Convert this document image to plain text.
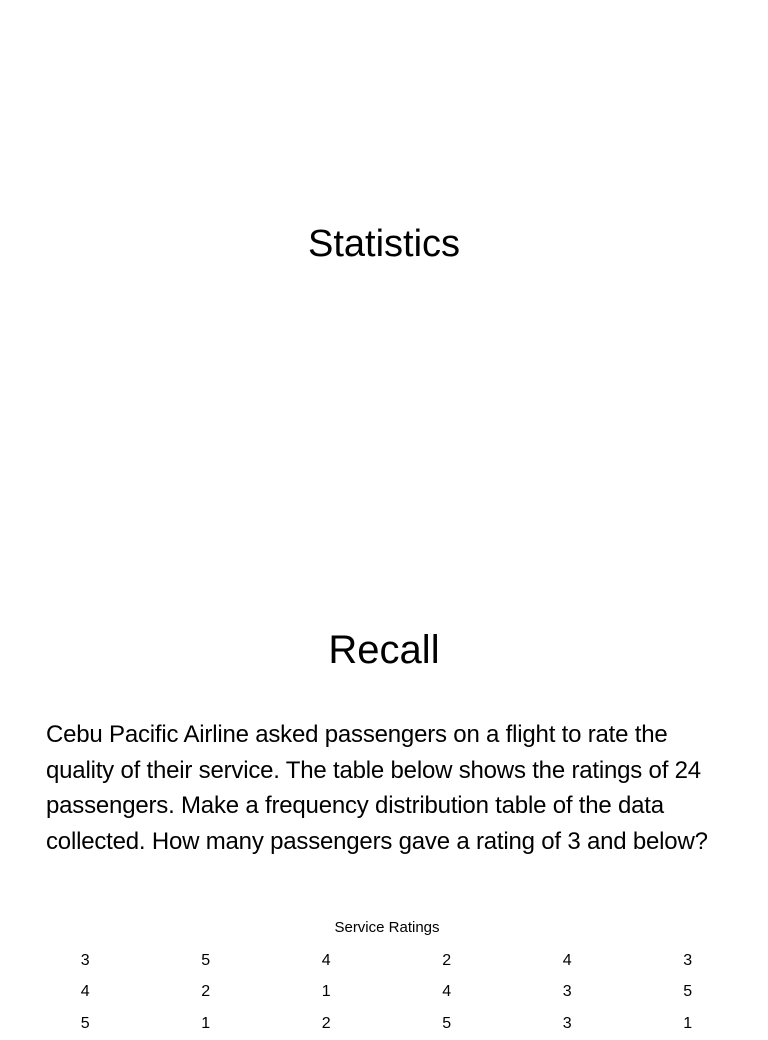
Statistics
Recall
Cebu Pacific Airline asked passengers on a flight to rate the quality of their service. The table below shows the ratings of 24 passengers. Make a frequency distribution table of the data collected. How many passengers gave a rating of 3 and below?
Service Ratings
3	5	4	2	4	3
4	2	1	4	3	5
5	1	2	5	3	1
